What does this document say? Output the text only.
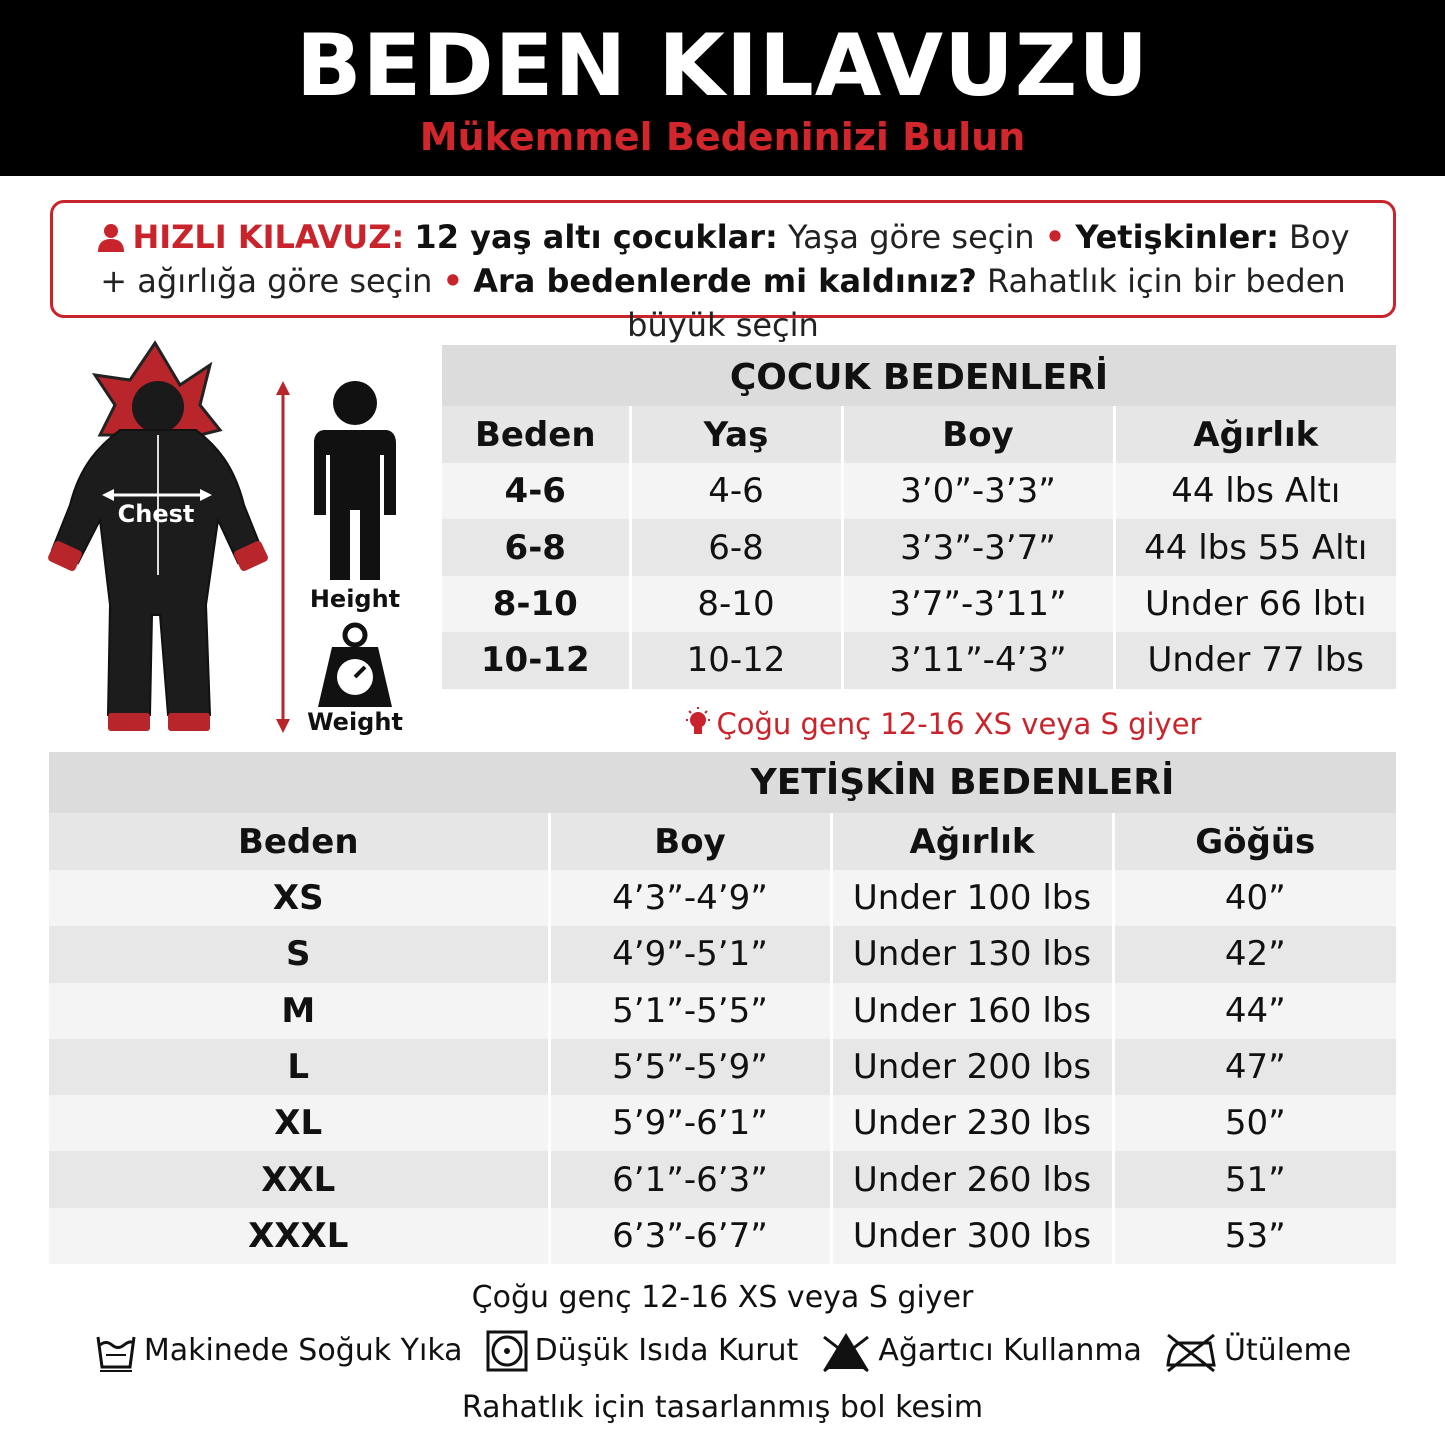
BEDEN KILAVUZU
Mükemmel Bedeninizi Bulun
HIZLI KILAVUZ: 12 yaş altı çocuklar: Yaşa göre seçin • Yetişkinler: Boy + ağırlığa göre seçin • Ara bedenlerde mi kaldınız? Rahatlık için bir beden büyük seçin
Chest
Height
Weight
ÇOCUK BEDENLERİ			
Beden	Yaş	Boy	Ağırlık
4-6	4-6	3’0”-3’3”	44 lbs Altı
6-8	6-8	3’3”-3’7”	44 lbs 55 Altı
8-10	8-10	3’7”-3’11”	Under 66 lbtı
10-12	10-12	3’11”-4’3”	Under 77 lbs
Çoğu genç 12-16 XS veya S giyer
YETİŞKİN BEDENLERİ			
Beden	Boy	Ağırlık	Göğüs
XS	4’3”-4’9”	Under 100 lbs	40”
S	4’9”-5’1”	Under 130 lbs	42”
M	5’1”-5’5”	Under 160 lbs	44”
L	5’5”-5’9”	Under 200 lbs	47”
XL	5’9”-6’1”	Under 230 lbs	50”
XXL	6’1”-6’3”	Under 260 lbs	51”
XXXL	6’3”-6’7”	Under 300 lbs	53”
Çoğu genç 12-16 XS veya S giyer
Makinede Soğuk Yıka Düşük Isıda Kurut	Ağartıcı Kullanma	Ütüleme
Rahatlık için tasarlanmış bol kesim
